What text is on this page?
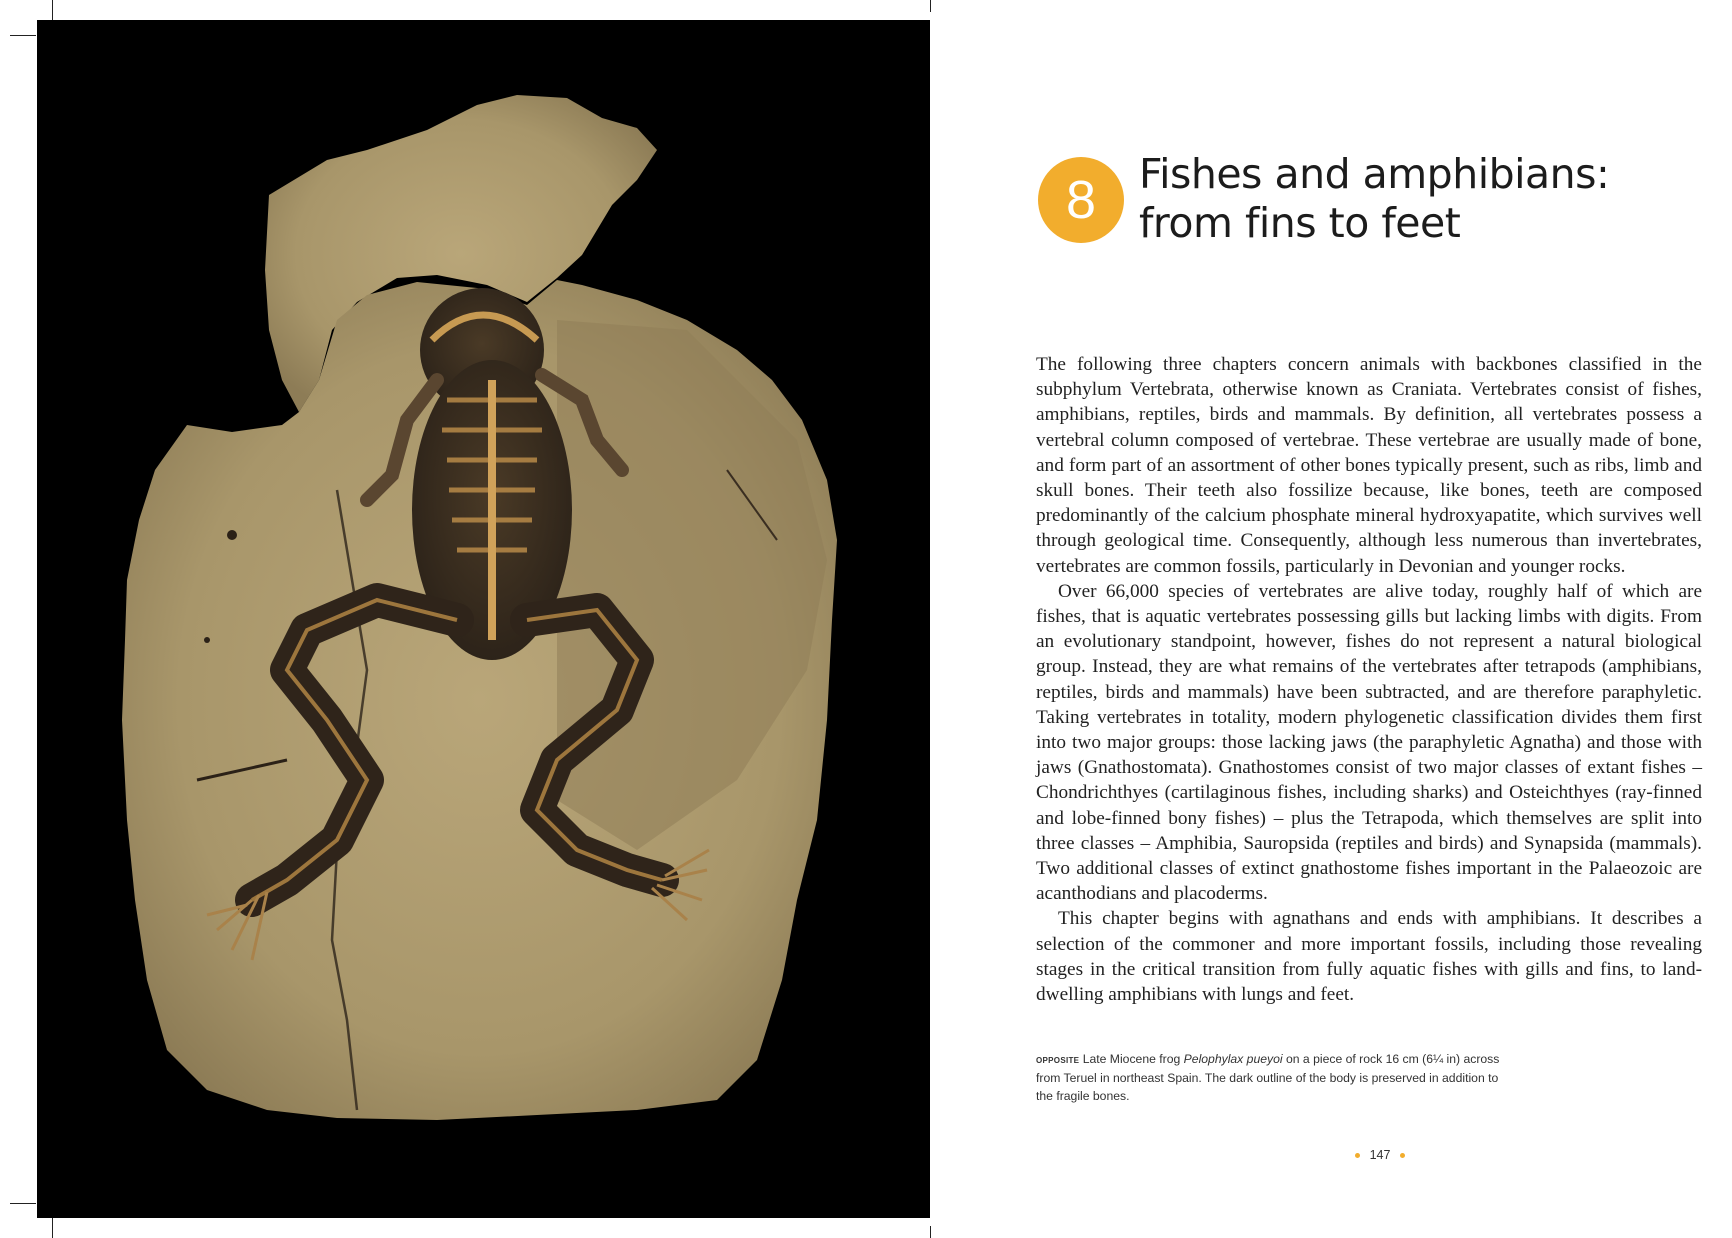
8	Fishes and amphibians:
from fins to feet

The following three chapters concern animals with backbones classified in the subphylum Vertebrata, otherwise known as Craniata. Vertebrates consist of fishes, amphibians, reptiles, birds and mammals. By definition, all vertebrates possess a vertebral column composed of vertebrae. These vertebrae are usually made of bone, and form part of an assortment of other bones typically present, such as ribs, limb and skull bones. Their teeth also fossilize because, like bones, teeth are composed predominantly of the calcium phosphate mineral hydroxyapatite, which survives well through geological time. Consequently, although less numerous than invertebrates, vertebrates are common fossils, particularly in Devonian and younger rocks.

Over 66,000 species of vertebrates are alive today, roughly half of which are fishes, that is aquatic vertebrates possessing gills but lacking limbs with digits. From an evolutionary standpoint, however, fishes do not represent a natural biological group. Instead, they are what remains of the vertebrates after tetrapods (amphibians, reptiles, birds and mammals) have been subtracted, and are therefore paraphyletic. Taking vertebrates in totality, modern phylogenetic classification divides them first into two major groups: those lacking jaws (the paraphyletic Agnatha) and those with jaws (Gnathostomata). Gnathostomes consist of two major classes of extant fishes – Chondrichthyes (cartilaginous fishes, including sharks) and Osteichthyes (ray-finned and lobe-finned bony fishes) – plus the Tetrapoda, which themselves are split into three classes – Amphibia, Sauropsida (reptiles and birds) and Synapsida (mammals). Two additional classes of extinct gnathostome fishes important in the Palaeozoic are acanthodians and placoderms.

This chapter begins with agnathans and ends with amphibians. It describes a selection of the commoner and more important fossils, including those revealing stages in the critical transition from fully aquatic fishes with gills and fins, to land-dwelling amphibians with lungs and feet.

opposite Late Miocene frog Pelophylax pueyoi on a piece of rock 16 cm (6¼ in) across from Teruel in northeast Spain. The dark outline of the body is preserved in addition to the fragile bones.
147
